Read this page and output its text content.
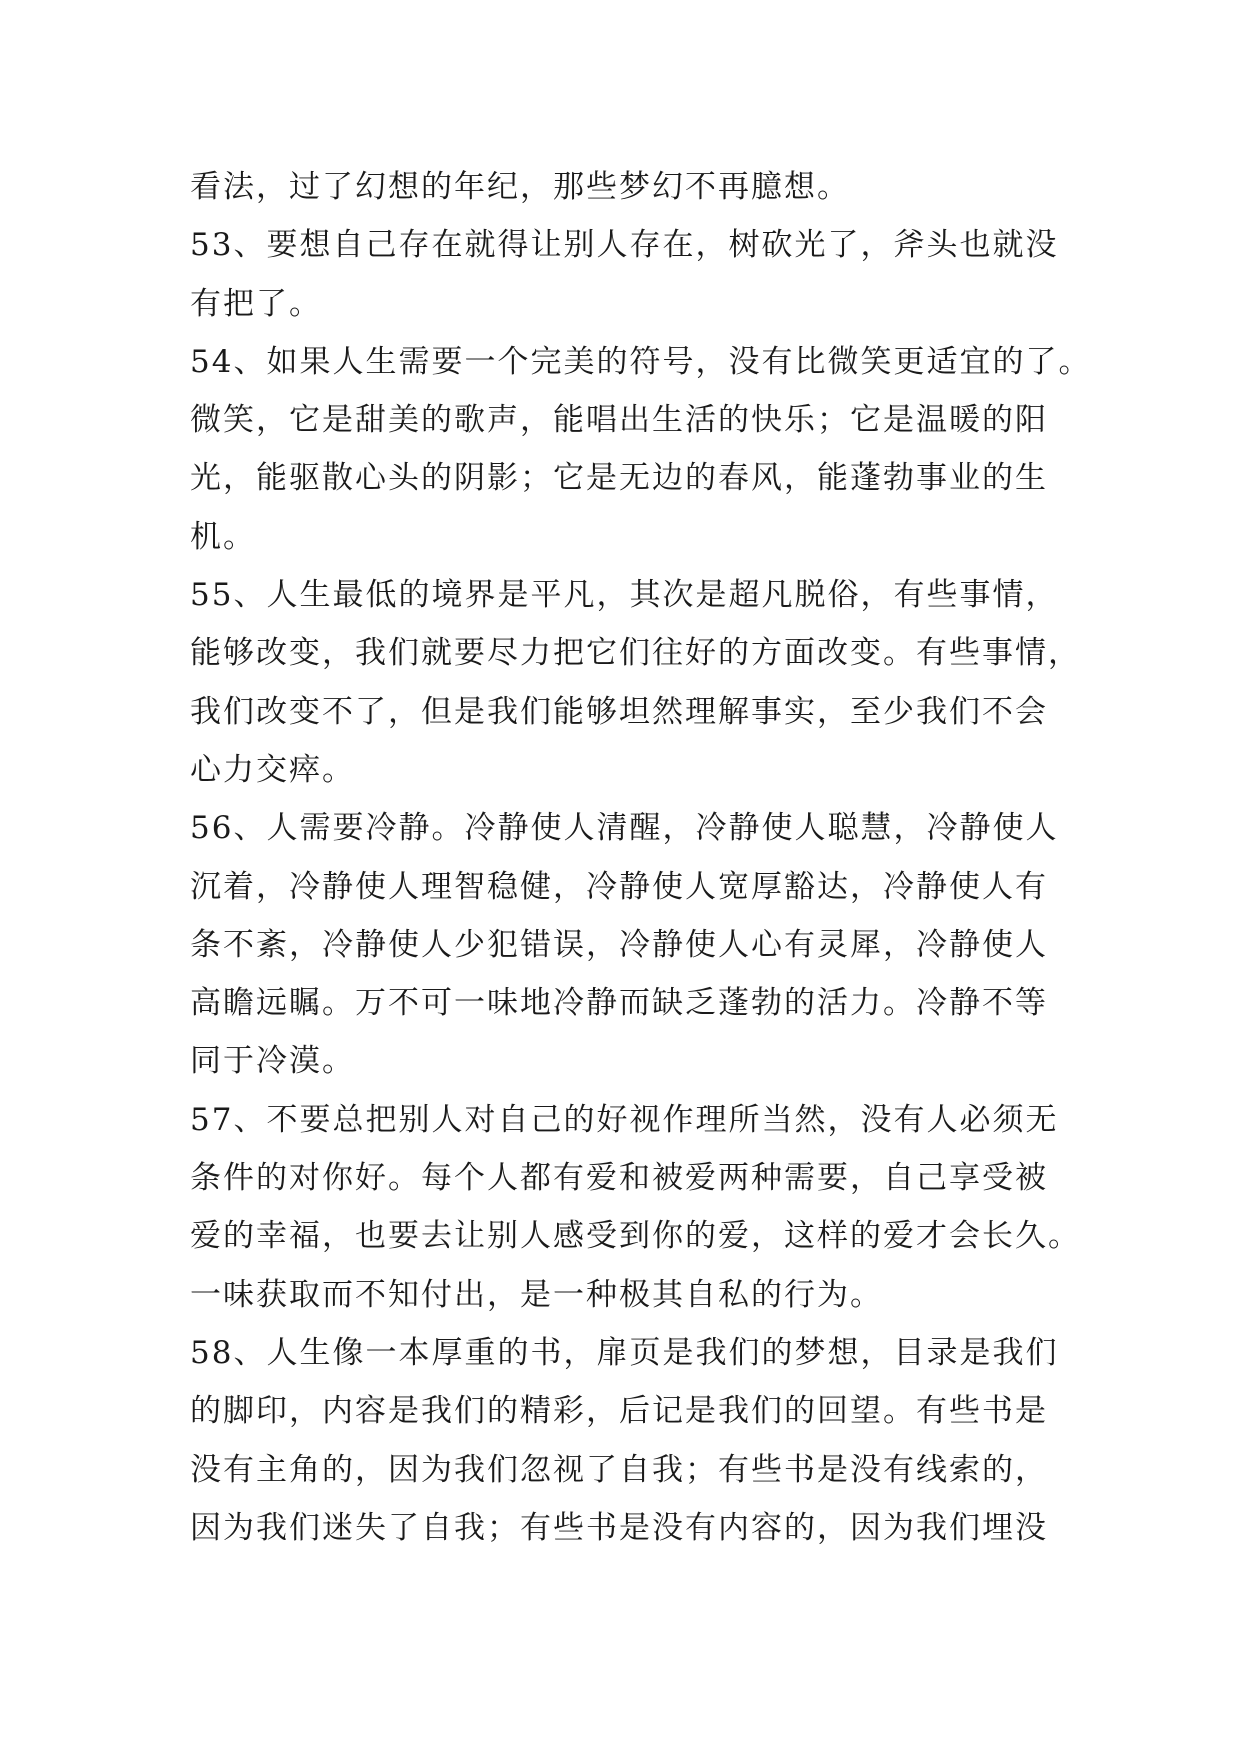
看法，过了幻想的年纪，那些梦幻不再臆想。
53、要想自己存在就得让别人存在，树砍光了，斧头也就没
有把了。
54、如果人生需要一个完美的符号，没有比微笑更适宜的了。
微笑，它是甜美的歌声，能唱出生活的快乐；它是温暖的阳
光，能驱散心头的阴影；它是无边的春风，能蓬勃事业的生
机。
55、人生最低的境界是平凡，其次是超凡脱俗，有些事情，
能够改变，我们就要尽力把它们往好的方面改变。有些事情，
我们改变不了，但是我们能够坦然理解事实，至少我们不会
心力交瘁。
56、人需要冷静。冷静使人清醒，冷静使人聪慧，冷静使人
沉着，冷静使人理智稳健，冷静使人宽厚豁达，冷静使人有
条不紊，冷静使人少犯错误，冷静使人心有灵犀，冷静使人
高瞻远瞩。万不可一味地冷静而缺乏蓬勃的活力。冷静不等
同于冷漠。
57、不要总把别人对自己的好视作理所当然，没有人必须无
条件的对你好。每个人都有爱和被爱两种需要，自己享受被
爱的幸福，也要去让别人感受到你的爱，这样的爱才会长久。
一味获取而不知付出，是一种极其自私的行为。
58、人生像一本厚重的书，扉页是我们的梦想，目录是我们
的脚印，内容是我们的精彩，后记是我们的回望。有些书是
没有主角的，因为我们忽视了自我；有些书是没有线索的，
因为我们迷失了自我；有些书是没有内容的，因为我们埋没
